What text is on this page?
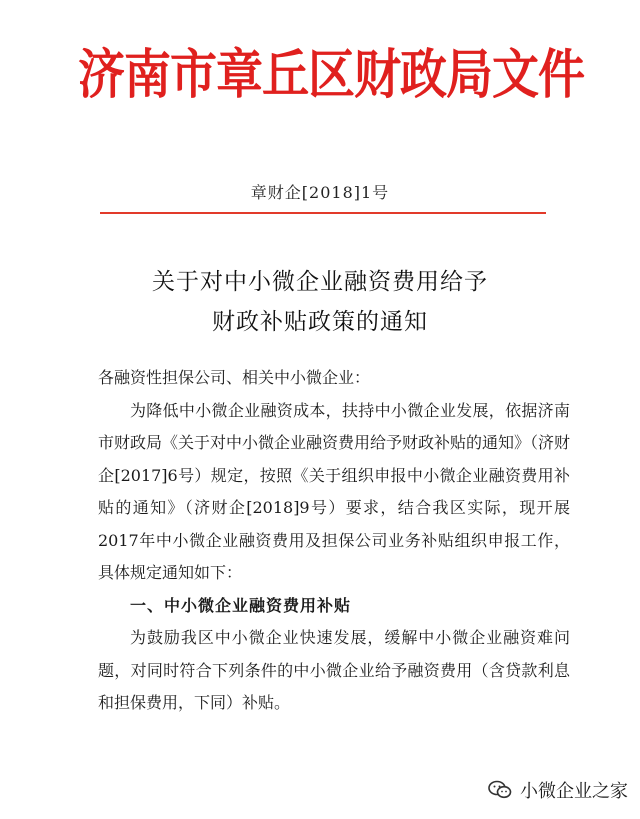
济南市章丘区财政局文件
章财企[2018]1号
关于对中小微企业融资费用给予
财政补贴政策的通知

各融资性担保公司、相关中小微企业：

为降低中小微企业融资成本，扶持中小微企业发展，依据济南市财政局《关于对中小微企业融资费用给予财政补贴的通知》（济财企[2017]6号）规定，按照《关于组织申报中小微企业融资费用补贴的通知》（济财企[2018]9号）要求，结合我区实际，现开展2017年中小微企业融资费用及担保公司业务补贴组织申报工作，具体规定通知如下：

一、中小微企业融资费用补贴

为鼓励我区中小微企业快速发展，缓解中小微企业融资难问题，对同时符合下列条件的中小微企业给予融资费用（含贷款利息和担保费用，下同）补贴。

小微企业之家
